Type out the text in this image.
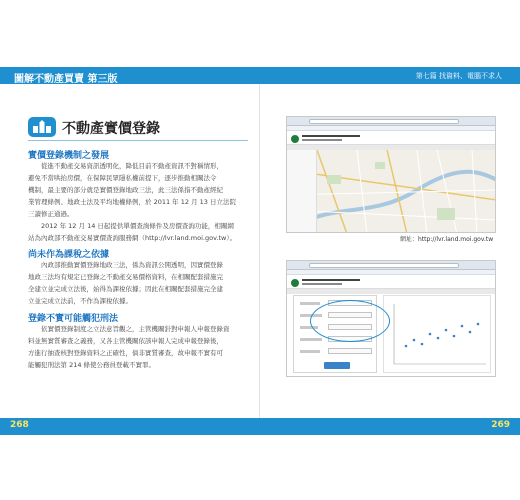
圖解不動產買賣 第三版	第七篇 找資料、電腦不求人
不動產實價登錄
實價登錄機制之發展
從進不動產交易資訊透明化，降低目前不動產資訊不對稱情形，
避免不當哄抬房價，在保障民眾隱私權前提下，逐步推動相關法令
機制，最主要的部分就是實價登錄地政三法，此三法係指不動產經紀
業管理條例、地政士法及平均地權條例，於 2011 年 12 月 13 日立法院
三讀修正通過。
2012 年 12 月 14 日起提供單價查詢條件及房價查詢功能，相關網
站為內政部不動產交易實價查詢服務網（http://lvr.land.moi.gov.tw）。
尚未作為課稅之依據
內政部推動實價登錄地政三法，係為資訊公開透明，因實價登錄
地政三法均有規定已登錄之不動產交易價格資料，在相關配套措施完
全建立並完成立法後，始得為課稅依據；因此在相關配套措施完全建
立並完成立法前，不作為課稅依據。
登錄不實可能觸犯刑法
依實價登錄制度之立法意旨觀之，主管機關針對申報人申報登錄資
料並無實質審查之義務，又各主管機關依該申報人完成申報登錄後，
方進行抽查核對登錄資料之正確性，倘非實質審查，故申報不實有可
能觸犯刑法第 214 條使公務員登載不實罪。
網址：http://lvr.land.moi.gov.tw
268	269
